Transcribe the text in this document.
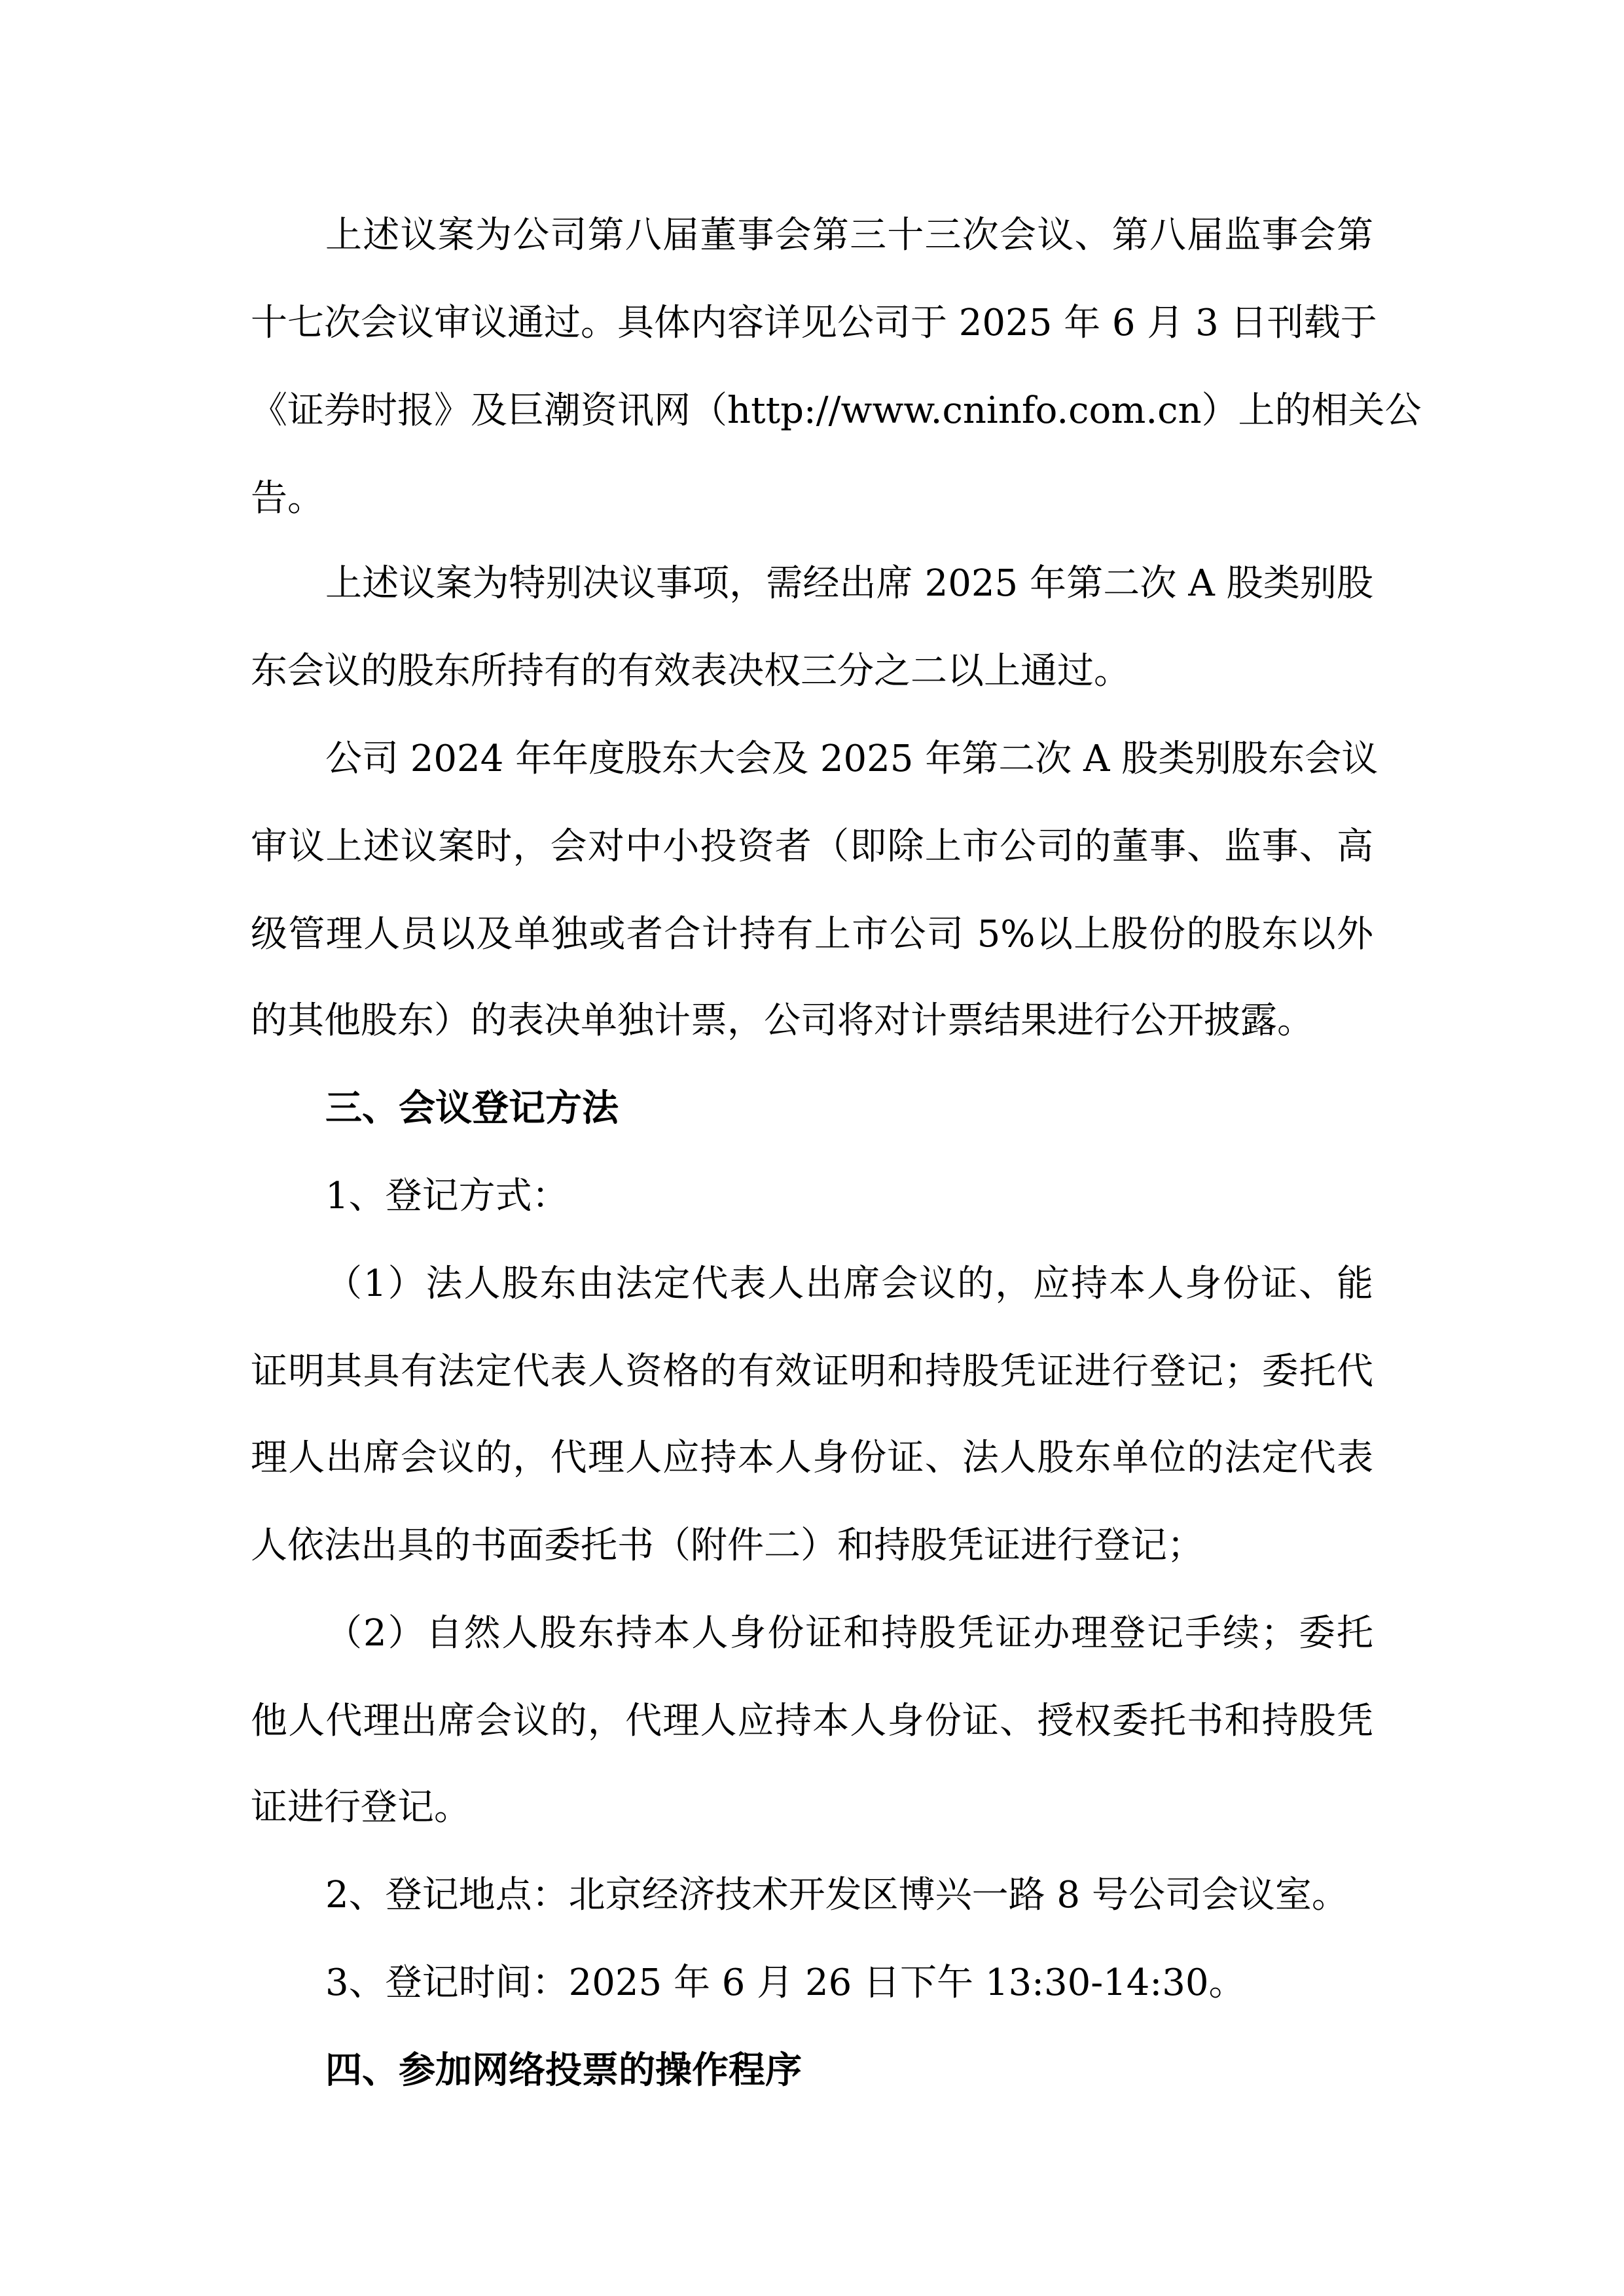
上述议案为公司第八届董事会第三十三次会议、第八届监事会第
十七次会议审议通过。具体内容详见公司于 2025 年 6 月 3 日刊载于
《证券时报》及巨潮资讯网（http://www.cninfo.com.cn）上的相关公
告。
上述议案为特别决议事项，需经出席 2025 年第二次 A 股类别股
东会议的股东所持有的有效表决权三分之二以上通过。
公司 2024 年年度股东大会及 2025 年第二次 A 股类别股东会议
审议上述议案时，会对中小投资者（即除上市公司的董事、监事、高
级管理人员以及单独或者合计持有上市公司 5%以上股份的股东以外
的其他股东）的表决单独计票，公司将对计票结果进行公开披露。
三、会议登记方法
1、登记方式：
（1）法人股东由法定代表人出席会议的，应持本人身份证、能
证明其具有法定代表人资格的有效证明和持股凭证进行登记；委托代
理人出席会议的，代理人应持本人身份证、法人股东单位的法定代表
人依法出具的书面委托书（附件二）和持股凭证进行登记；
（2）自然人股东持本人身份证和持股凭证办理登记手续；委托
他人代理出席会议的，代理人应持本人身份证、授权委托书和持股凭
证进行登记。
2、登记地点：北京经济技术开发区博兴一路 8 号公司会议室。
3、登记时间：2025 年 6 月 26 日下午 13:30-14:30。
四、参加网络投票的操作程序
